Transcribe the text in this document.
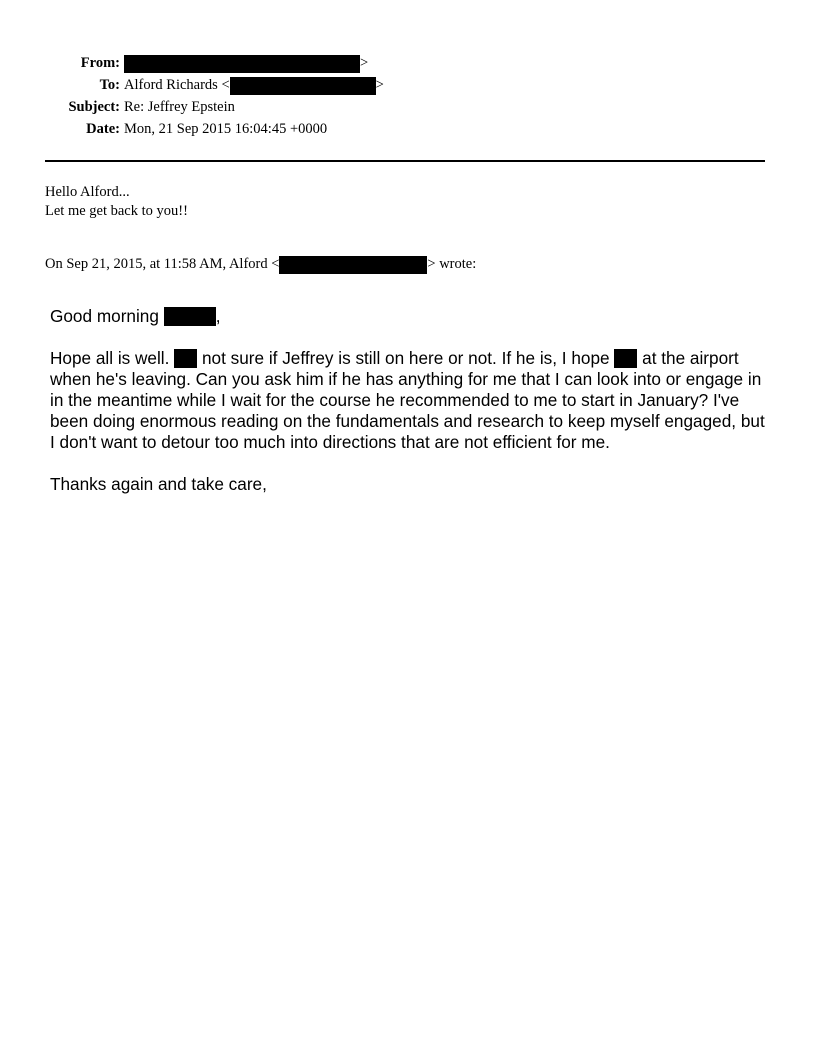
From:	>
To: Alford Richards <	>
Subject: Re: Jeffrey Epstein
Date: Mon, 21 Sep 2015 16:04:45 +0000
Hello Alford...
Let me get back to you!!
On Sep 21, 2015, at 11:58 AM, Alford <	> wrote:

Good morning	,

Hope all is well.  not sure if Jeffrey is still on here or not. If he is, I hope  at the airport when he's leaving. Can you ask him if he has anything for me that I can look into or engage in in the meantime while I wait for the course he recommended to me to start in January? I've been doing enormous reading on the fundamentals and research to keep myself engaged, but I don't want to detour too much into directions that are not efficient for me.

Thanks again and take care,
